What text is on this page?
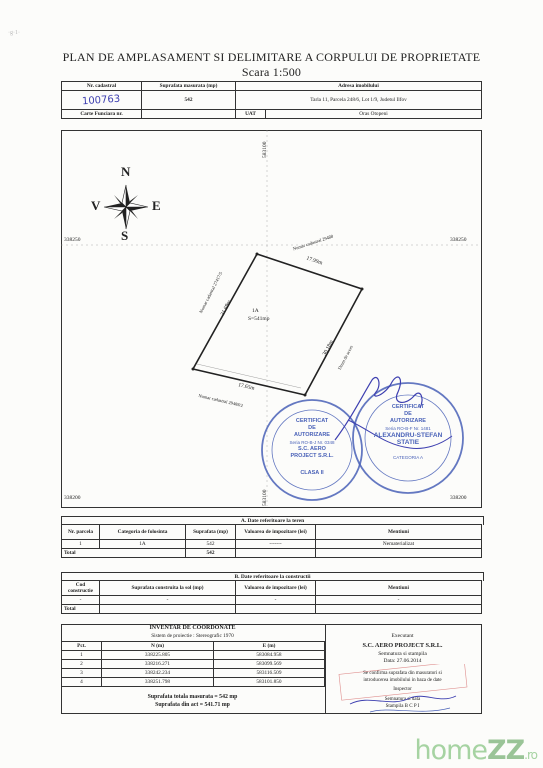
·g·1·
PLAN DE AMPLASAMENT SI DELIMITARE A CORPULUI DE PROPRIETATE
Scara 1:500
Nr. cadastral	Suprafata masurata (mp)	Adresa imobilului	
100763	542	Tarla 11, Parcela 248/6, Lot 1/9, Judetul Ilfov	
Carte Funciara nr.		UAT	Oras Otopeni
583100
583100
338250	338250
338200	338200
N
S
E
V
1A
S=541mp
17.99m
Numar cadastral 29488
31.69m
Numar cadastral 27417/5
30.18m Drum de acces
17.65m
Numar cadastral 29488/2
CERTIFICAT
DE
AUTORIZARE
Seria RO-B-J Nr. 0348
S.C. AERO
PROJECT S.R.L.
CLASA II
CERTIFICAT
DE
AUTORIZARE
Seria RO-B-F Nr. 1481
ALEXANDRU-STEFAN
STATIE
CATEGORIA A
A. Date referitoare la teren
Nr. parcela	Categoria de folosinta	Suprafata (mp)	Valoarea de impozitare (lei)	Mentiuni
1	1A	542	-------	Nematerializat
Total		542		
B. Date referitoare la constructii
Cod constructie	Suprafata construita la sol (mp)	Valoarea de impozitare (lei)	Mentiuni
-	-	-	-
Total			
INVENTAR DE COORDONATE
Sistem de proiectie : Stereografic 1970
Pct.	N (m)	E (m)
1	338225.805	583084.958
2	338216.271	583099.569
3	338242.234	583116.509
4	338251.798	583101.850
Suprafata totala masurata = 542 mp
Suprafata din act = 541.71 mp
Executant
S.C. AERO PROJECT S.R.L.
Semnatura si stampila
Data: 27.06.2014
Se confirma suprafata din masuratori si
introducerea imobilului in baza de date
Inspector
Semnatura si data
Stampila B C P I
homeZZ.ro
